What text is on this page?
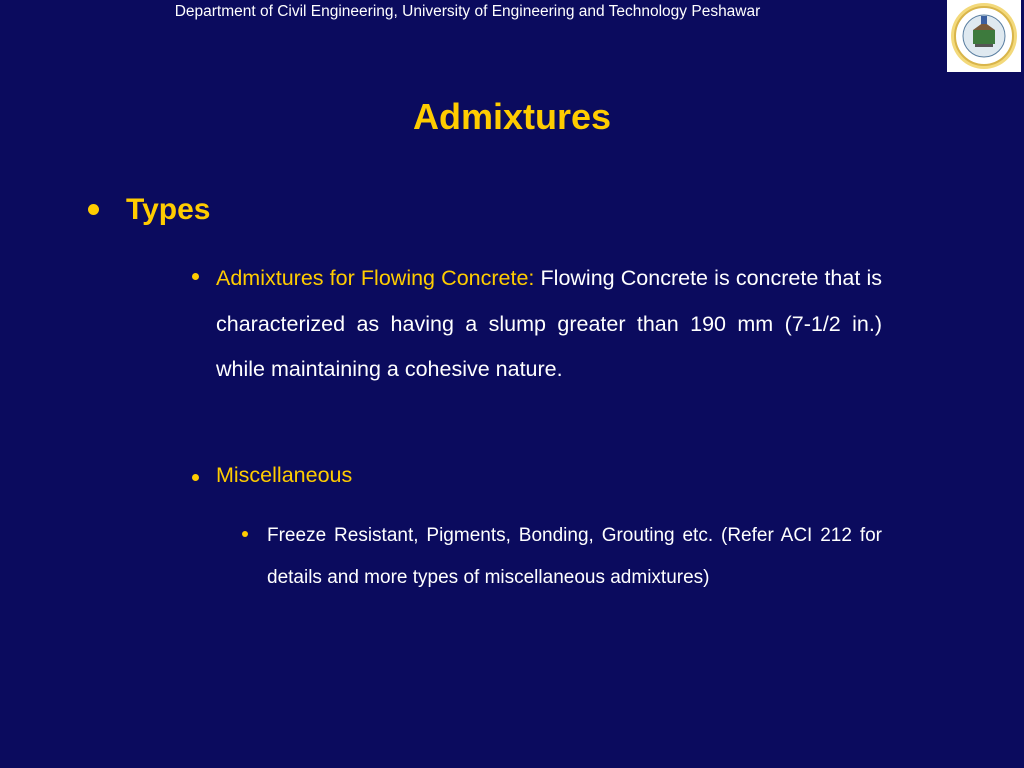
Department of Civil Engineering, University of Engineering and Technology Peshawar
Admixtures
Types
Admixtures for Flowing Concrete: Flowing Concrete is concrete that is characterized as having a slump greater than 190 mm (7-1/2 in.) while maintaining a cohesive nature.
Miscellaneous
Freeze Resistant, Pigments, Bonding, Grouting etc. (Refer ACI 212 for details and more types of miscellaneous admixtures)
